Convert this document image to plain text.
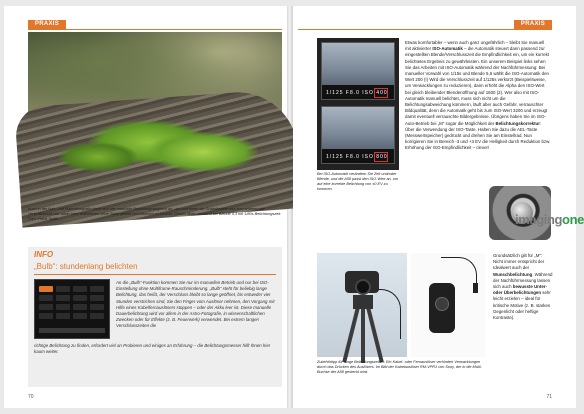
PRAXIS
Auch in der Nah- und Makrofotografie bleibt sich der manuelle Belichtungsabgleich an, um vom einen die Schärfentiefe und zum anderen die Verschlusszeit hier allein beim Aufnahmen ohne Stativ gezielt beeinflussen zu können. Dieses Motiv entstand bei Blende 5,3 mit 1/80s Belichtungszeit. Foto: Frank Späth
INFO
„Bulb“: stundenlang belichten
An die „Bulb“-Funktion kommen Sie nur im manuellen Betrieb und nur bei ISO-Einstellung ohne Multiframe-Rauschminderung. „Bulb“ steht für beliebig lange Belichtung, das heißt, der Verschluss bleibt so lange geöffnet, bis entweder vier Stunden verstrichen sind, Sie den Finger vom Auslöser nehmen, den Vorgang mit Hilfe eines Kabelfernauslösers stoppen – oder der Akku leer ist. Diese manuelle Dauerbelichtung wird vor allem in der Astro-Fotografie, in wissenschaftlichen Zwecken oder für Effekte (z. B. Feuerwerk) verwendet. Bei extrem langen Verschlusszeiten die
richtige Belichtung zu finden, erfordert viel an Probieren und einiges an Erfahrung – die Belichtungsmesser hilft Ihnen hier kaum weiter.
70
PRAXIS
1/125 F8.0 ISO 400
1/125 F8.0 ISO 800
Bei ISO-Automatik verändern Sie Zeit und/oder Blende, und die A58 passt den ISO-Wert an, um auf eine korrekte Belichtung von ±0 EV zu kommen.
Etwas komfortabler – wenn auch ganz ungefährlich – bleibt Sie manuell mit aktivierter ISO-Automatik – die Automatik steuert dann passend zur eingestellten Blende/Verschlusszeit die Empfindlichkeit ein, um ein korrekt belichtetes Ergebnis zu gewährleisten. Ein unserem Beispiel links sehen Sie das Arbeiten mit ISO-Automatik während der Nachführmessung: Bei manueller Vorwahl von 1/15s und Blende 5,6 wählt die ISO-Automatik den Wert 200 (!) Wird die Verschlusszeit auf 1/125s verkürzt (Beispielsweise, um Verwacklungen zu reduzieren), dann erhöht die Alpha den ISO-Wert bei gleich bleibender Blendenöffnung auf 1600 (2). Wer also mit ISO-Automatik manuell belichtet, muss sich nicht um die Belichtungsabweichung kümmern, läuft aber auch Gefahr, verrauschter Bildqualität, denn die Automatik geht bis zum ISO-Wert 3200 und erzeugt damit eventuell verrauschte Bildergebnisse. Übrigens haben Sie im ISO-Auto-Betrieb bei „M“ sogar die Möglichkeit der Belichtungskorrektur: Über die Verwendung der ISO-Taste. Halten Sie dazu die AEL-Taste (Messwertspeicher) gedrückt und drehen Sie am Einstellrad. Nun korrigieren Sie in Bereich -3 und +3 EV die Helligkeit durch Reduktion bzw. Erhöhung der ISO-Empfindlichkeit – clever!
imagingone
Zubehörtipp für lange Belichtungszeiten: Ein Kabel- oder Fernauslöser verhindert Verwacklungen durch das Drücken des Auslösers. Im Bild der Kabelauslöser RM-VPR1 von Sony, der in die Multi-Buchse der A58 gesteckt wird.
Grundsätzlich gilt für „M“: Nicht immer entspricht der Idealwert auch der Wunschbelichtung. Während der Nachführmessung lassen sich auch bewusste Unter- oder Überbelichtungen sehr leicht erzielen – ideal für kritische Motive (z. B. starkes Gegenlicht oder heftige Kontraste).
71
